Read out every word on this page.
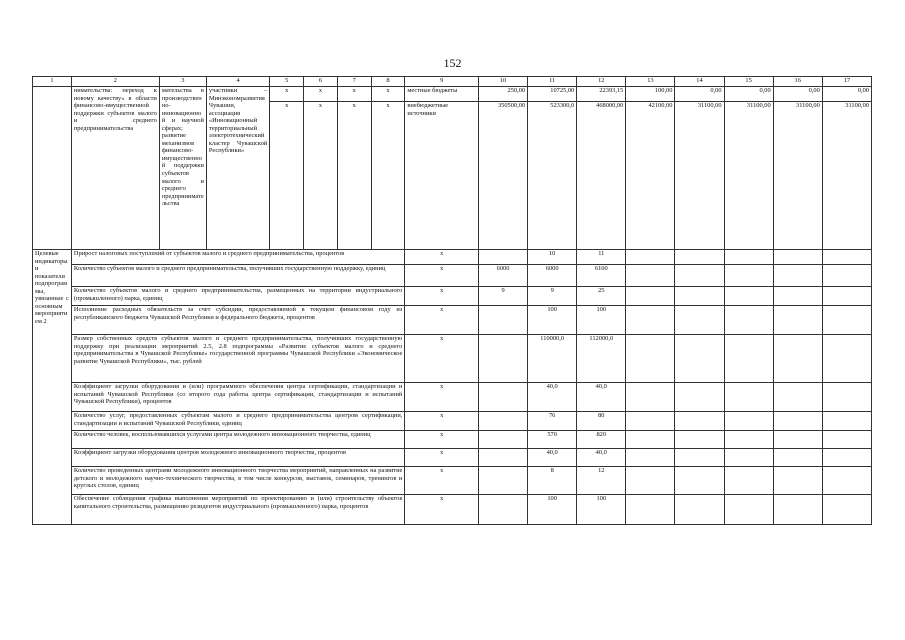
152
1	2	3	4	5	6	7	8	9	10	11	12	13	14	15	16	17
	нимательства: переход к новому качеству» в области финансово-имущественной поддержки субъектов малого и среднего предпринимательства	мательства в производственно-инновационной и научной сферах; развитие механизмов финансово-имущественной поддержки субъектов малого и среднего предпринимательства	участники – Минэкономразвития Чувашии, ассоциация «Инновационный территориальный электротехнический кластер Чувашской Республики»	х	х	х	х	местные бюджеты	250,00	10725,00	22393,15	100,00	0,00	0,00	0,00	0,00
				х	х	х	х	внебюджетные источники	350500,00	523300,0	468000,00	42100,00	31100,00	31100,00	31100,00	31100,00
Целевые индикаторы и показатели подпрограммы, увязанные с основным мероприятием 2	Прирост налоговых поступлений от субъектов малого и среднего предпринимательства, процентов							х		10	11					
	Количество субъектов малого и среднего предпринимательства, получивших государственную поддержку, единиц							х	6000	6000	6100					
	Количество субъектов малого и среднего предпринимательства, размещенных на территории индустриального (промышленного) парка, единиц							х	9	9	25					
	Исполнение расходных обязательств за счет субсидии, предоставляемой в текущем финансовом году из республиканского бюджета Чувашской Республики и федерального бюджета, процентов							х		100	100					
	Размер собственных средств субъектов малого и среднего предпринимательства, получивших государственную поддержку при реализации мероприятий 2.5, 2.8 подпрограммы «Развитие субъектов малого и среднего предпринимательства в Чувашской Республике» государственной программы Чувашской Республики «Экономическое развитие Чувашской Республики», тыс. рублей							х		110000,0	112000,0					
	Коэффициент загрузки оборудования и (или) программного обеспечения центра сертификации, стандартизации и испытаний Чувашской Республики (со второго года работы центра сертификации, стандартизации и испытаний Чувашской Республики), процентов							х		40,0	40,0					
	Количество услуг, предоставленных субъектам малого и среднего предпринимательства центром сертификации, стандартизации и испытаний Чувашской Республики, единиц							х		76	80					
	Количество человек, воспользовавшихся услугами центра молодежного инновационного творчества, единиц							х		570	820					
	Коэффициент загрузки оборудования центров молодежного инновационного творчества, процентов							х		40,0	40,0					
	Количество проведенных центрами молодежного инновационного творчества мероприятий, направленных на развитие детского и молодежного научно-технического творчества, в том числе конкурсов, выставок, семинаров, тренингов и круглых столов, единиц							х		8	12					
	Обеспечение соблюдения графика выполнения мероприятий по проектированию и (или) строительству объектов капитального строительства, размещению резидентов индустриального (промышленного) парка, процентов							х		100	100					
